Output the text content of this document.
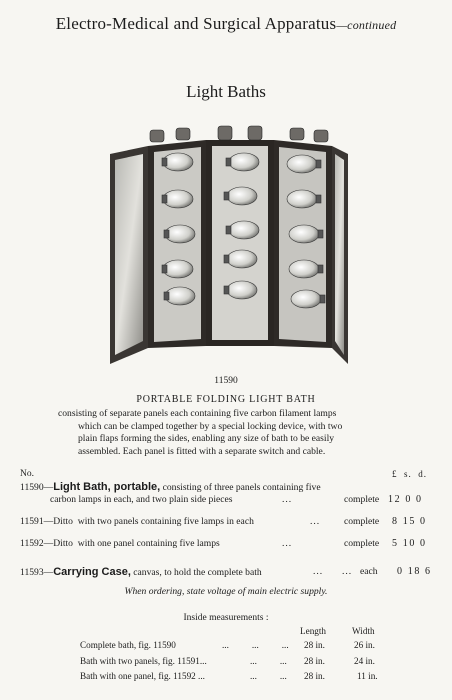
Electro-Medical and Surgical Apparatus—continued
Light Baths
11590
PORTABLE FOLDING LIGHT BATH
consisting of separate panels each containing five carbon filament lamps
which can be clamped together by a special locking device, with two
plain flaps forming the sides, enabling any size of bath to be easily
assembled. Each panel is fitted with a separate switch and cable.
No.	£ s. d.
11590—Light Bath, portable, consisting of three panels containing five
carbon lamps in each, and two plain side pieces	...	complete 12 0 0
11591—Ditto  with two panels containing five lamps in each	... complete 8 15 0
11592—Ditto  with one panel containing five lamps	...	complete 5 10 0
11593—Carrying Case, canvas, to hold the complete bath	... ... each 0 18 6
When ordering, state voltage of main electric supply.
Inside measurements :
Length	Width
Complete bath, fig. 11590	...          ...          ... 28 in.	26 in.
Bath with two panels, fig. 11591...	...          ... 28 in.	24 in.
Bath with one panel, fig. 11592 ...	...          ... 28 in.	11 in.
